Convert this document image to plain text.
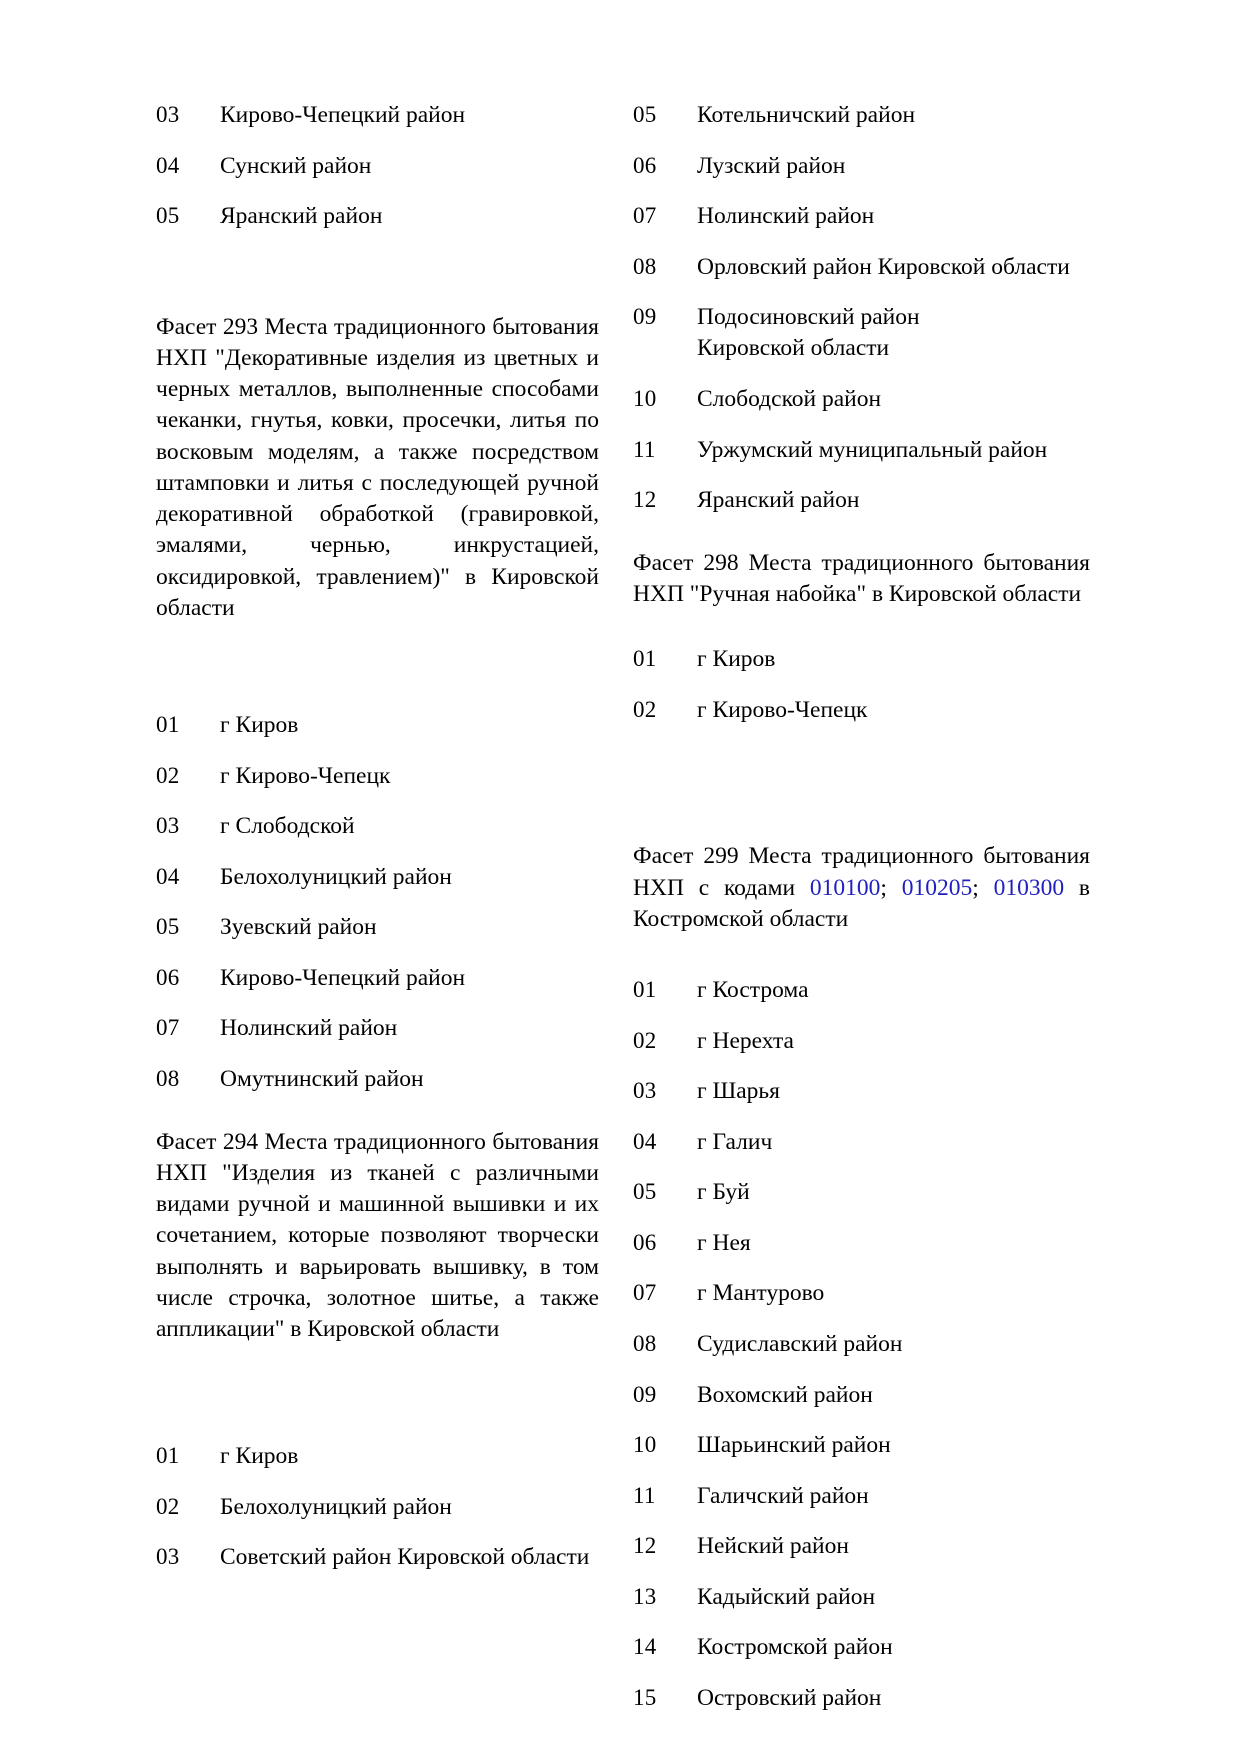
03	Кирово-Чепецкий район
04	Сунский район
05	Яранский район

Фасет 293 Места традиционного бытования НХП "Декоративные изделия из цветных и черных металлов, выполненные способами чеканки, гнутья, ковки, просечки, литья по восковым моделям, а также посредством штамповки и литья с последующей ручной декоративной обработкой (гравировкой, эмалями, чернью, инкрустацией, оксидировкой, травлением)" в Кировской области

01	г Киров
02	г Кирово-Чепецк
03	г Слободской
04	Белохолуницкий район
05	Зуевский район
06	Кирово-Чепецкий район
07	Нолинский район
08	Омутнинский район

Фасет 294 Места традиционного бытования НХП "Изделия из тканей с различными видами ручной и машинной вышивки и их сочетанием, которые позволяют творчески выполнять и варьировать вышивку, в том числе строчка, золотное шитье, а также аппликации" в Кировской области

01	г Киров
02	Белохолуницкий район
03	Советский район Кировской области
05	Котельничский район
06	Лузский район
07	Нолинский район
08	Орловский район Кировской области
09	Подосиновский район Кировской области
10	Слободской район
11	Уржумский муниципальный район
12	Яранский район

Фасет 298 Места традиционного бытования НХП "Ручная набойка" в Кировской области

01	г Киров
02	г Кирово-Чепецк

Фасет 299 Места традиционного бытования НХП с кодами 010100; 010205; 010300 в Костромской области

01	г Кострома
02	г Нерехта
03	г Шарья
04	г Галич
05	г Буй
06	г Нея
07	г Мантурово
08	Судиславский район
09	Вохомский район
10	Шарьинский район
11	Галичский район
12	Нейский район
13	Кадыйский район
14	Костромской район
15	Островский район
